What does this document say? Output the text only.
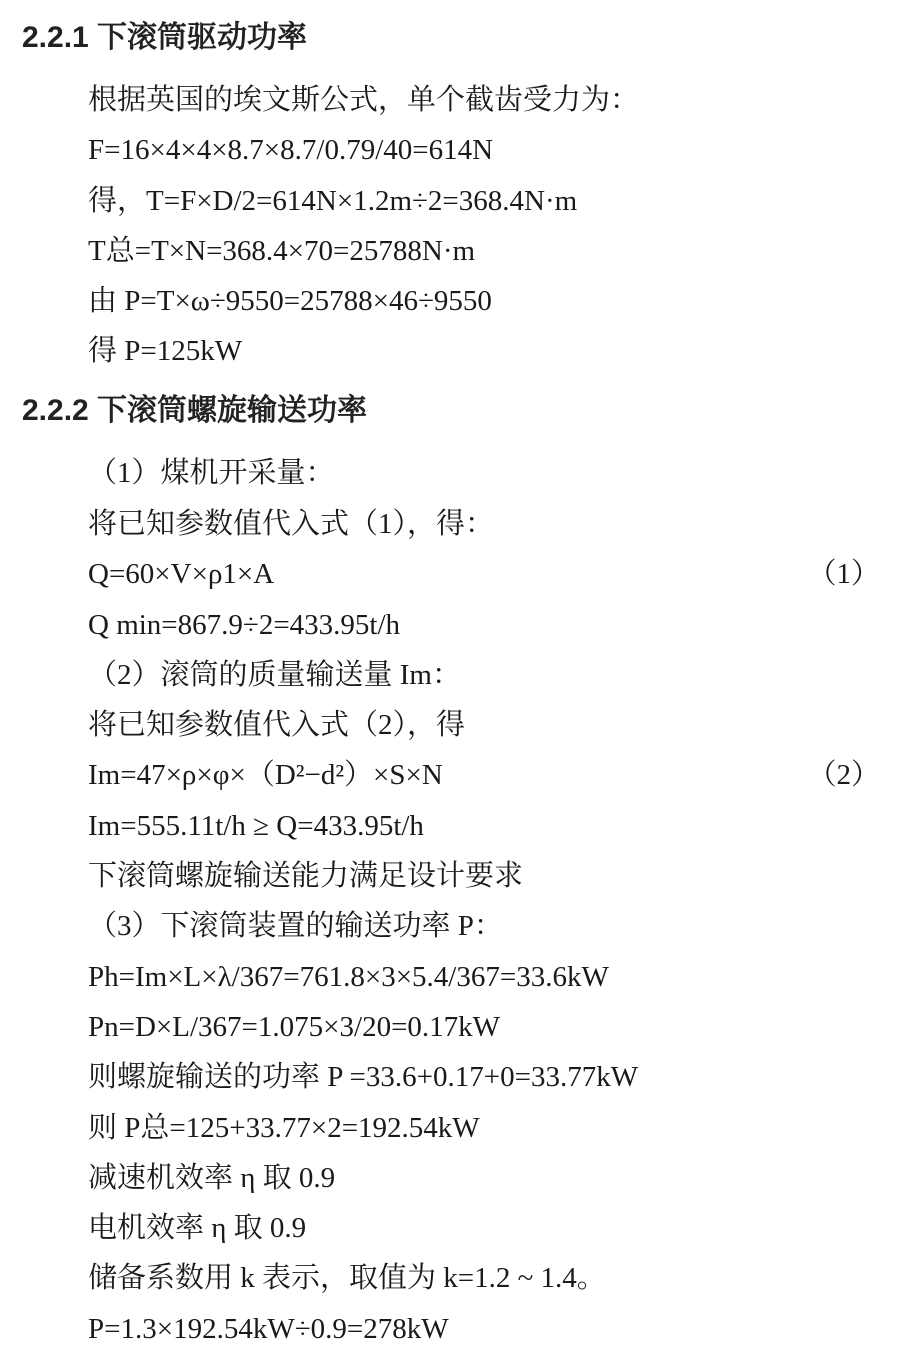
2.2.1 下滚筒驱动功率
根据英国的埃文斯公式，单个截齿受力为：
F=16×4×4×8.7×8.7/0.79/40=614N
得，T=F×D/2=614N×1.2m÷2=368.4N·m
T总=T×N=368.4×70=25788N·m
由 P=T×ω÷9550=25788×46÷9550
得 P=125kW
2.2.2 下滚筒螺旋输送功率
（1）煤机开采量：
将已知参数值代入式（1），得：
Q=60×V×ρ1×A	（1）
Q min=867.9÷2=433.95t/h
（2）滚筒的质量输送量 Im：
将已知参数值代入式（2），得
Im=47×ρ×φ×（D²−d²）×S×N	（2）
Im=555.11t/h ≥ Q=433.95t/h
下滚筒螺旋输送能力满足设计要求
（3）下滚筒装置的输送功率 P：
Ph=Im×L×λ/367=761.8×3×5.4/367=33.6kW
Pn=D×L/367=1.075×3/20=0.17kW
则螺旋输送的功率 P =33.6+0.17+0=33.77kW
则 P总=125+33.77×2=192.54kW
减速机效率 η 取 0.9
电机效率 η 取 0.9
储备系数用 k 表示，取值为 k=1.2 ~ 1.4。
P=1.3×192.54kW÷0.9=278kW
